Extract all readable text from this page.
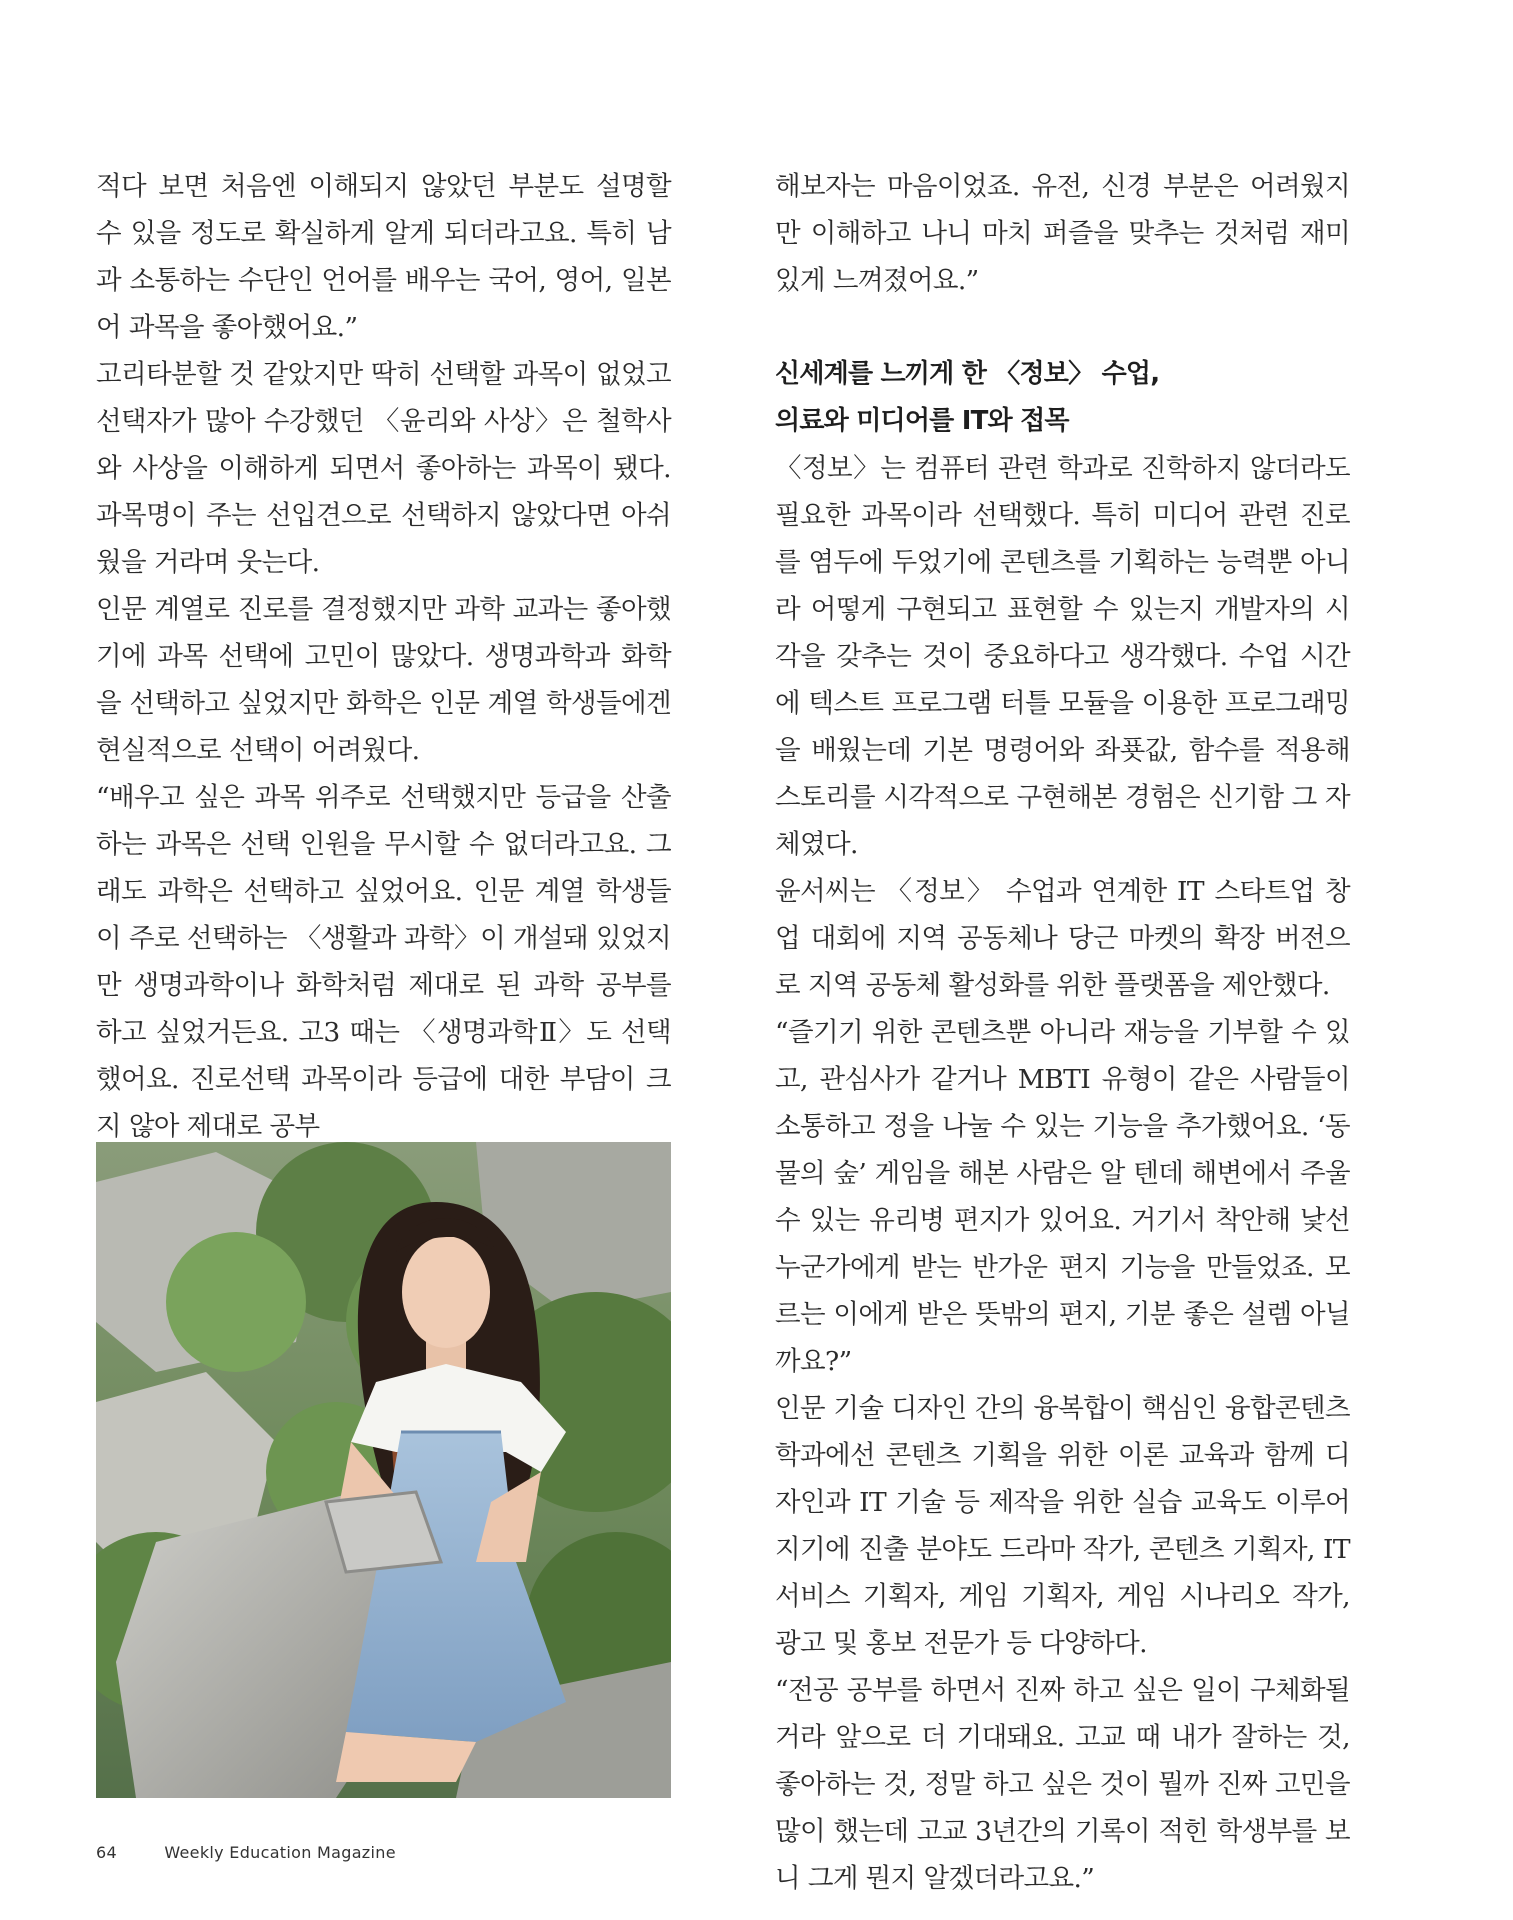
적다 보면 처음엔 이해되지 않았던 부분도 설명할 수 있을 정도로 확실하게 알게 되더라고요. 특히 남과 소통하는 수단인 언어를 배우는 국어, 영어, 일본어 과목을 좋아했어요.”

고리타분할 것 같았지만 딱히 선택할 과목이 없었고 선택자가 많아 수강했던 〈윤리와 사상〉은 철학사와 사상을 이해하게 되면서 좋아하는 과목이 됐다. 과목명이 주는 선입견으로 선택하지 않았다면 아쉬웠을 거라며 웃는다.

인문 계열로 진로를 결정했지만 과학 교과는 좋아했기에 과목 선택에 고민이 많았다. 생명과학과 화학을 선택하고 싶었지만 화학은 인문 계열 학생들에겐 현실적으로 선택이 어려웠다.

“배우고 싶은 과목 위주로 선택했지만 등급을 산출하는 과목은 선택 인원을 무시할 수 없더라고요. 그래도 과학은 선택하고 싶었어요. 인문 계열 학생들이 주로 선택하는 〈생활과 과학〉이 개설돼 있었지만 생명과학이나 화학처럼 제대로 된 과학 공부를 하고 싶었거든요. 고3 때는 〈생명과학Ⅱ〉도 선택했어요. 진로선택 과목이라 등급에 대한 부담이 크지 않아 제대로 공부

해보자는 마음이었죠. 유전, 신경 부분은 어려웠지만 이해하고 나니 마치 퍼즐을 맞추는 것처럼 재미있게 느껴졌어요.”

신세계를 느끼게 한 〈정보〉 수업,

의료와 미디어를 IT와 접목

〈정보〉는 컴퓨터 관련 학과로 진학하지 않더라도 필요한 과목이라 선택했다. 특히 미디어 관련 진로를 염두에 두었기에 콘텐츠를 기획하는 능력뿐 아니라 어떻게 구현되고 표현할 수 있는지 개발자의 시각을 갖추는 것이 중요하다고 생각했다. 수업 시간에 텍스트 프로그램 터틀 모듈을 이용한 프로그래밍을 배웠는데 기본 명령어와 좌푯값, 함수를 적용해 스토리를 시각적으로 구현해본 경험은 신기함 그 자체였다.

윤서씨는 〈정보〉 수업과 연계한 IT 스타트업 창업 대회에 지역 공동체나 당근 마켓의 확장 버전으로 지역 공동체 활성화를 위한 플랫폼을 제안했다.

“즐기기 위한 콘텐츠뿐 아니라 재능을 기부할 수 있고, 관심사가 같거나 MBTI 유형이 같은 사람들이 소통하고 정을 나눌 수 있는 기능을 추가했어요. ‘동물의 숲’ 게임을 해본 사람은 알 텐데 해변에서 주울 수 있는 유리병 편지가 있어요. 거기서 착안해 낯선 누군가에게 받는 반가운 편지 기능을 만들었죠. 모르는 이에게 받은 뜻밖의 편지, 기분 좋은 설렘 아닐까요?”

인문 기술 디자인 간의 융복합이 핵심인 융합콘텐츠학과에선 콘텐츠 기획을 위한 이론 교육과 함께 디자인과 IT 기술 등 제작을 위한 실습 교육도 이루어지기에 진출 분야도 드라마 작가, 콘텐츠 기획자, IT 서비스 기획자, 게임 기획자, 게임 시나리오 작가, 광고 및 홍보 전문가 등 다양하다.

“전공 공부를 하면서 진짜 하고 싶은 일이 구체화될 거라 앞으로 더 기대돼요. 고교 때 내가 잘하는 것, 좋아하는 것, 정말 하고 싶은 것이 뭘까 진짜 고민을 많이 했는데 고교 3년간의 기록이 적힌 학생부를 보니 그게 뭔지 알겠더라고요.”

64	Weekly Education Magazine
